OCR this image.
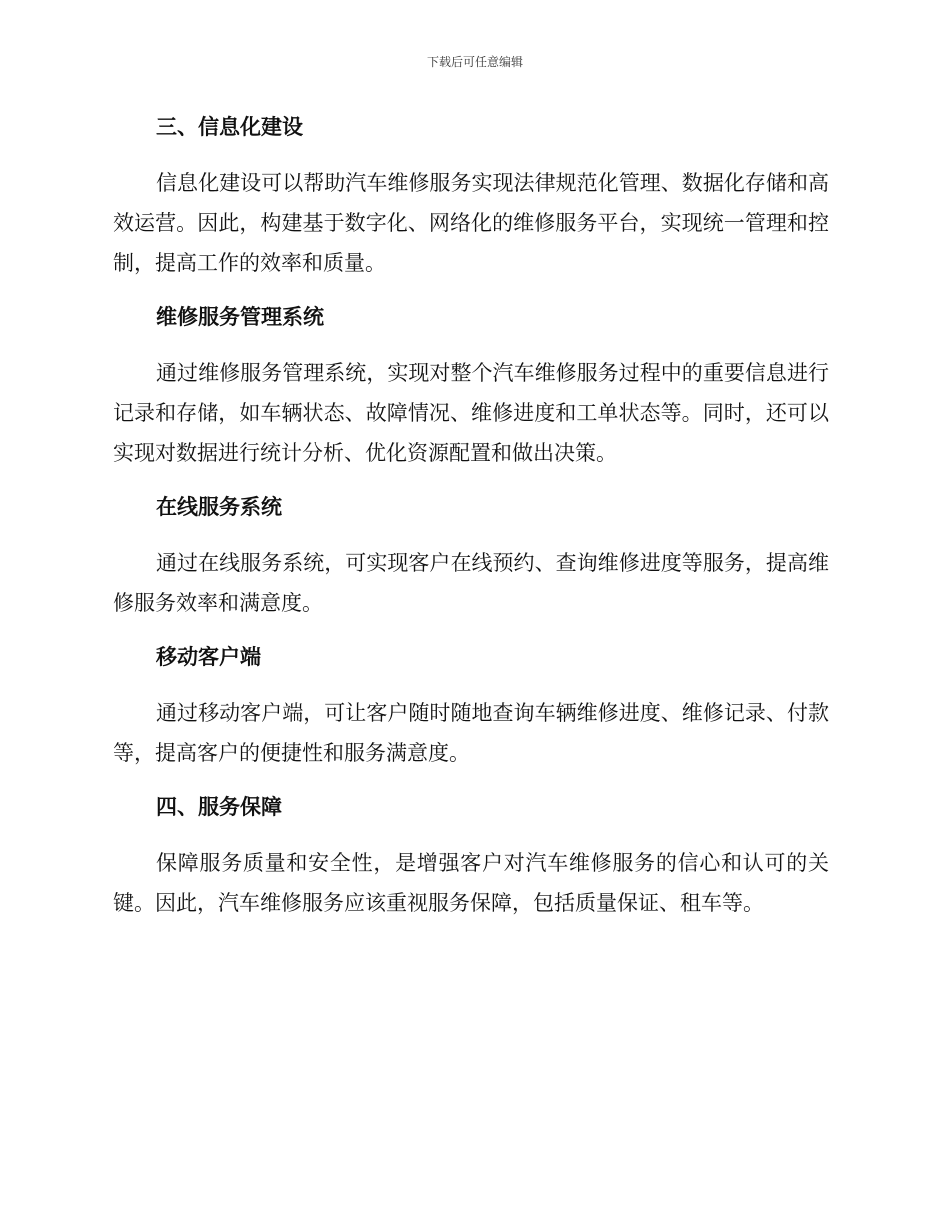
下载后可任意编辑
三、信息化建设

信息化建设可以帮助汽车维修服务实现法律规范化管理、数据化存储和高效运营。因此，构建基于数字化、网络化的维修服务平台，实现统一管理和控制，提高工作的效率和质量。

维修服务管理系统

通过维修服务管理系统，实现对整个汽车维修服务过程中的重要信息进行记录和存储，如车辆状态、故障情况、维修进度和工单状态等。同时，还可以实现对数据进行统计分析、优化资源配置和做出决策。

在线服务系统

通过在线服务系统，可实现客户在线预约、查询维修进度等服务，提高维修服务效率和满意度。

移动客户端

通过移动客户端，可让客户随时随地查询车辆维修进度、维修记录、付款等，提高客户的便捷性和服务满意度。

四、服务保障

保障服务质量和安全性，是增强客户对汽车维修服务的信心和认可的关键。因此，汽车维修服务应该重视服务保障，包括质量保证、租车等。
